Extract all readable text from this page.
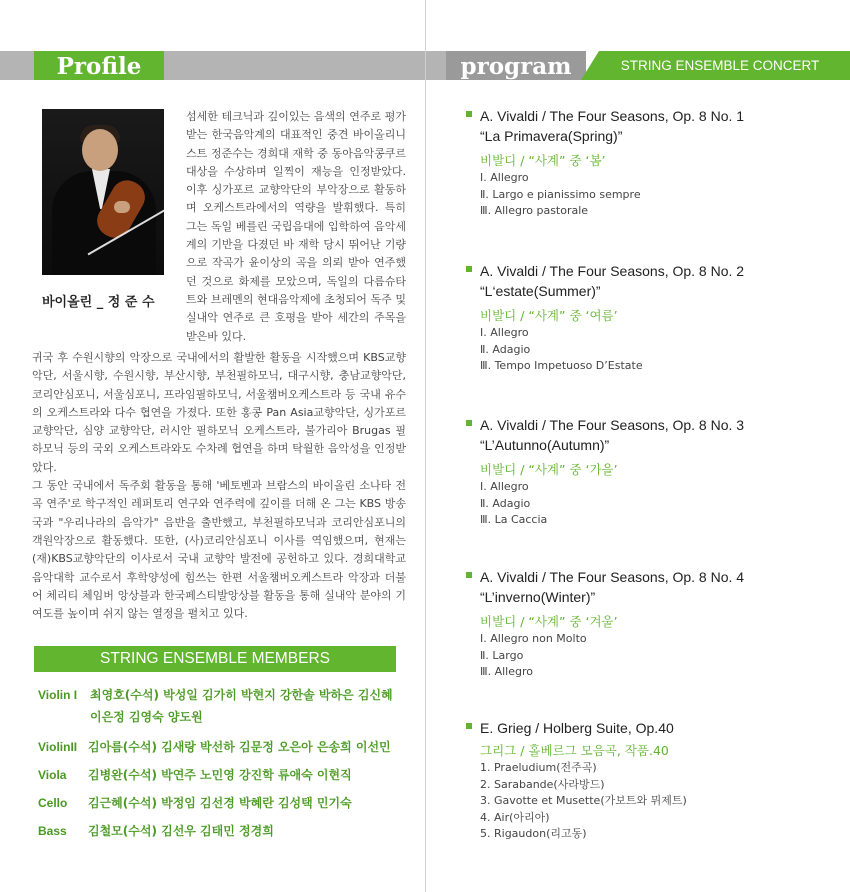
Profile	program	STRING ENSEMBLE CONCERT
바이올린 _ 정 준 수
섬세한 테크닉과 깊이있는 음색의 연주로 평가받는 한국음악계의 대표적인 중견 바이올리니스트 정준수는 경희대 재학 중 동아음악콩쿠르 대상을 수상하며 일찍이 재능을 인정받았다. 이후 싱가포르 교향악단의 부악장으로 활동하며 오케스트라에서의 역량을 발휘했다. 특히 그는 독일 베를린 국립음대에 입학하여 음악세계의 기반을 다졌던 바 재학 당시 뛰어난 기량으로 작곡가 윤이상의 곡을 의뢰 받아 연주했던 것으로 화제를 모았으며, 독일의 다름슈타트와 브레멘의 현대음악제에 초청되어 독주 및 실내악 연주로 큰 호평을 받아 세간의 주목을 받은바 있다.

귀국 후 수원시향의 악장으로 국내에서의 활발한 활동을 시작했으며 KBS교향악단, 서울시향, 수원시향, 부산시향, 부천필하모닉, 대구시향, 충남교향악단, 코리안심포니, 서울심포니, 프라임필하모닉, 서울챔버오케스트라 등 국내 유수의 오케스트라와 다수 협연을 가졌다. 또한 홍콩 Pan Asia교향악단, 싱가포르 교향악단, 심양 교향악단, 러시안 필하모닉 오케스트라, 불가리아 Brugas 필하모닉 등의 국외 오케스트라와도 수차례 협연을 하며 탁월한 음악성을 인정받았다.

그 동안 국내에서 독주회 활동을 통해 '베토벤과 브람스의 바이올린 소나타 전곡 연주'로 학구적인 레퍼토리 연구와 연주력에 깊이를 더해 온 그는 KBS 방송국과 "우리나라의 음악가" 음반을 출반했고, 부천필하모닉과 코리안심포니의 객원악장으로 활동했다. 또한, (사)코리안심포니 이사를 역임했으며, 현재는 (재)KBS교향악단의 이사로서 국내 교향악 발전에 공헌하고 있다. 경희대학교 음악대학 교수로서 후학양성에 힘쓰는 한편 서울챔버오케스트라 악장과 더불어 체리티 체임버 앙상블과 한국페스티발앙상블 활동을 통해 실내악 분야의 기여도를 높이며 쉬지 않는 열정을 펼치고 있다.

STRING ENSEMBLE MEMBERS
Violin I	최영호(수석) 박성일 김가히 박현지 강한솔 박하은 김신혜
이은정 김영숙 양도원
ViolinII 김아름(수석) 김새랑 박선하 김문정 오은아 은송희 이선민
Viola	김병완(수석) 박연주 노민영 강진학 류애숙 이현직
Cello	김근혜(수석) 박정임 김선경 박혜란 김성택 민기숙
Bass	김철모(수석) 김선우 김태민 정경희
A. Vivaldi / The Four Seasons, Op. 8 No. 1
“La Primavera(Spring)”
비발디 / “사계” 중 ‘봄’
Ⅰ. Allegro
Ⅱ. Largo e pianissimo sempre
Ⅲ. Allegro pastorale
A. Vivaldi / The Four Seasons, Op. 8 No. 2
“L‘estate(Summer)”
비발디 / “사계” 중 ‘여름’
Ⅰ. Allegro
Ⅱ. Adagio
Ⅲ. Tempo Impetuoso D’Estate
A. Vivaldi / The Four Seasons, Op. 8 No. 3
“L’Autunno(Autumn)”
비발디 / “사계” 중 ‘가을’
Ⅰ. Allegro
Ⅱ. Adagio
Ⅲ. La Caccia
A. Vivaldi / The Four Seasons, Op. 8 No. 4
“L’inverno(Winter)”
비발디 / “사계” 중 ‘겨울’
Ⅰ. Allegro non Molto
Ⅱ. Largo
Ⅲ. Allegro
E. Grieg / Holberg Suite, Op.40
그리그 / 홀베르그 모음곡, 작품.40
1. Praeludium(전주곡)
2. Sarabande(사라방드)
3. Gavotte et Musette(가보트와 뮈제트)
4. Air(아리아)
5. Rigaudon(리고동)
